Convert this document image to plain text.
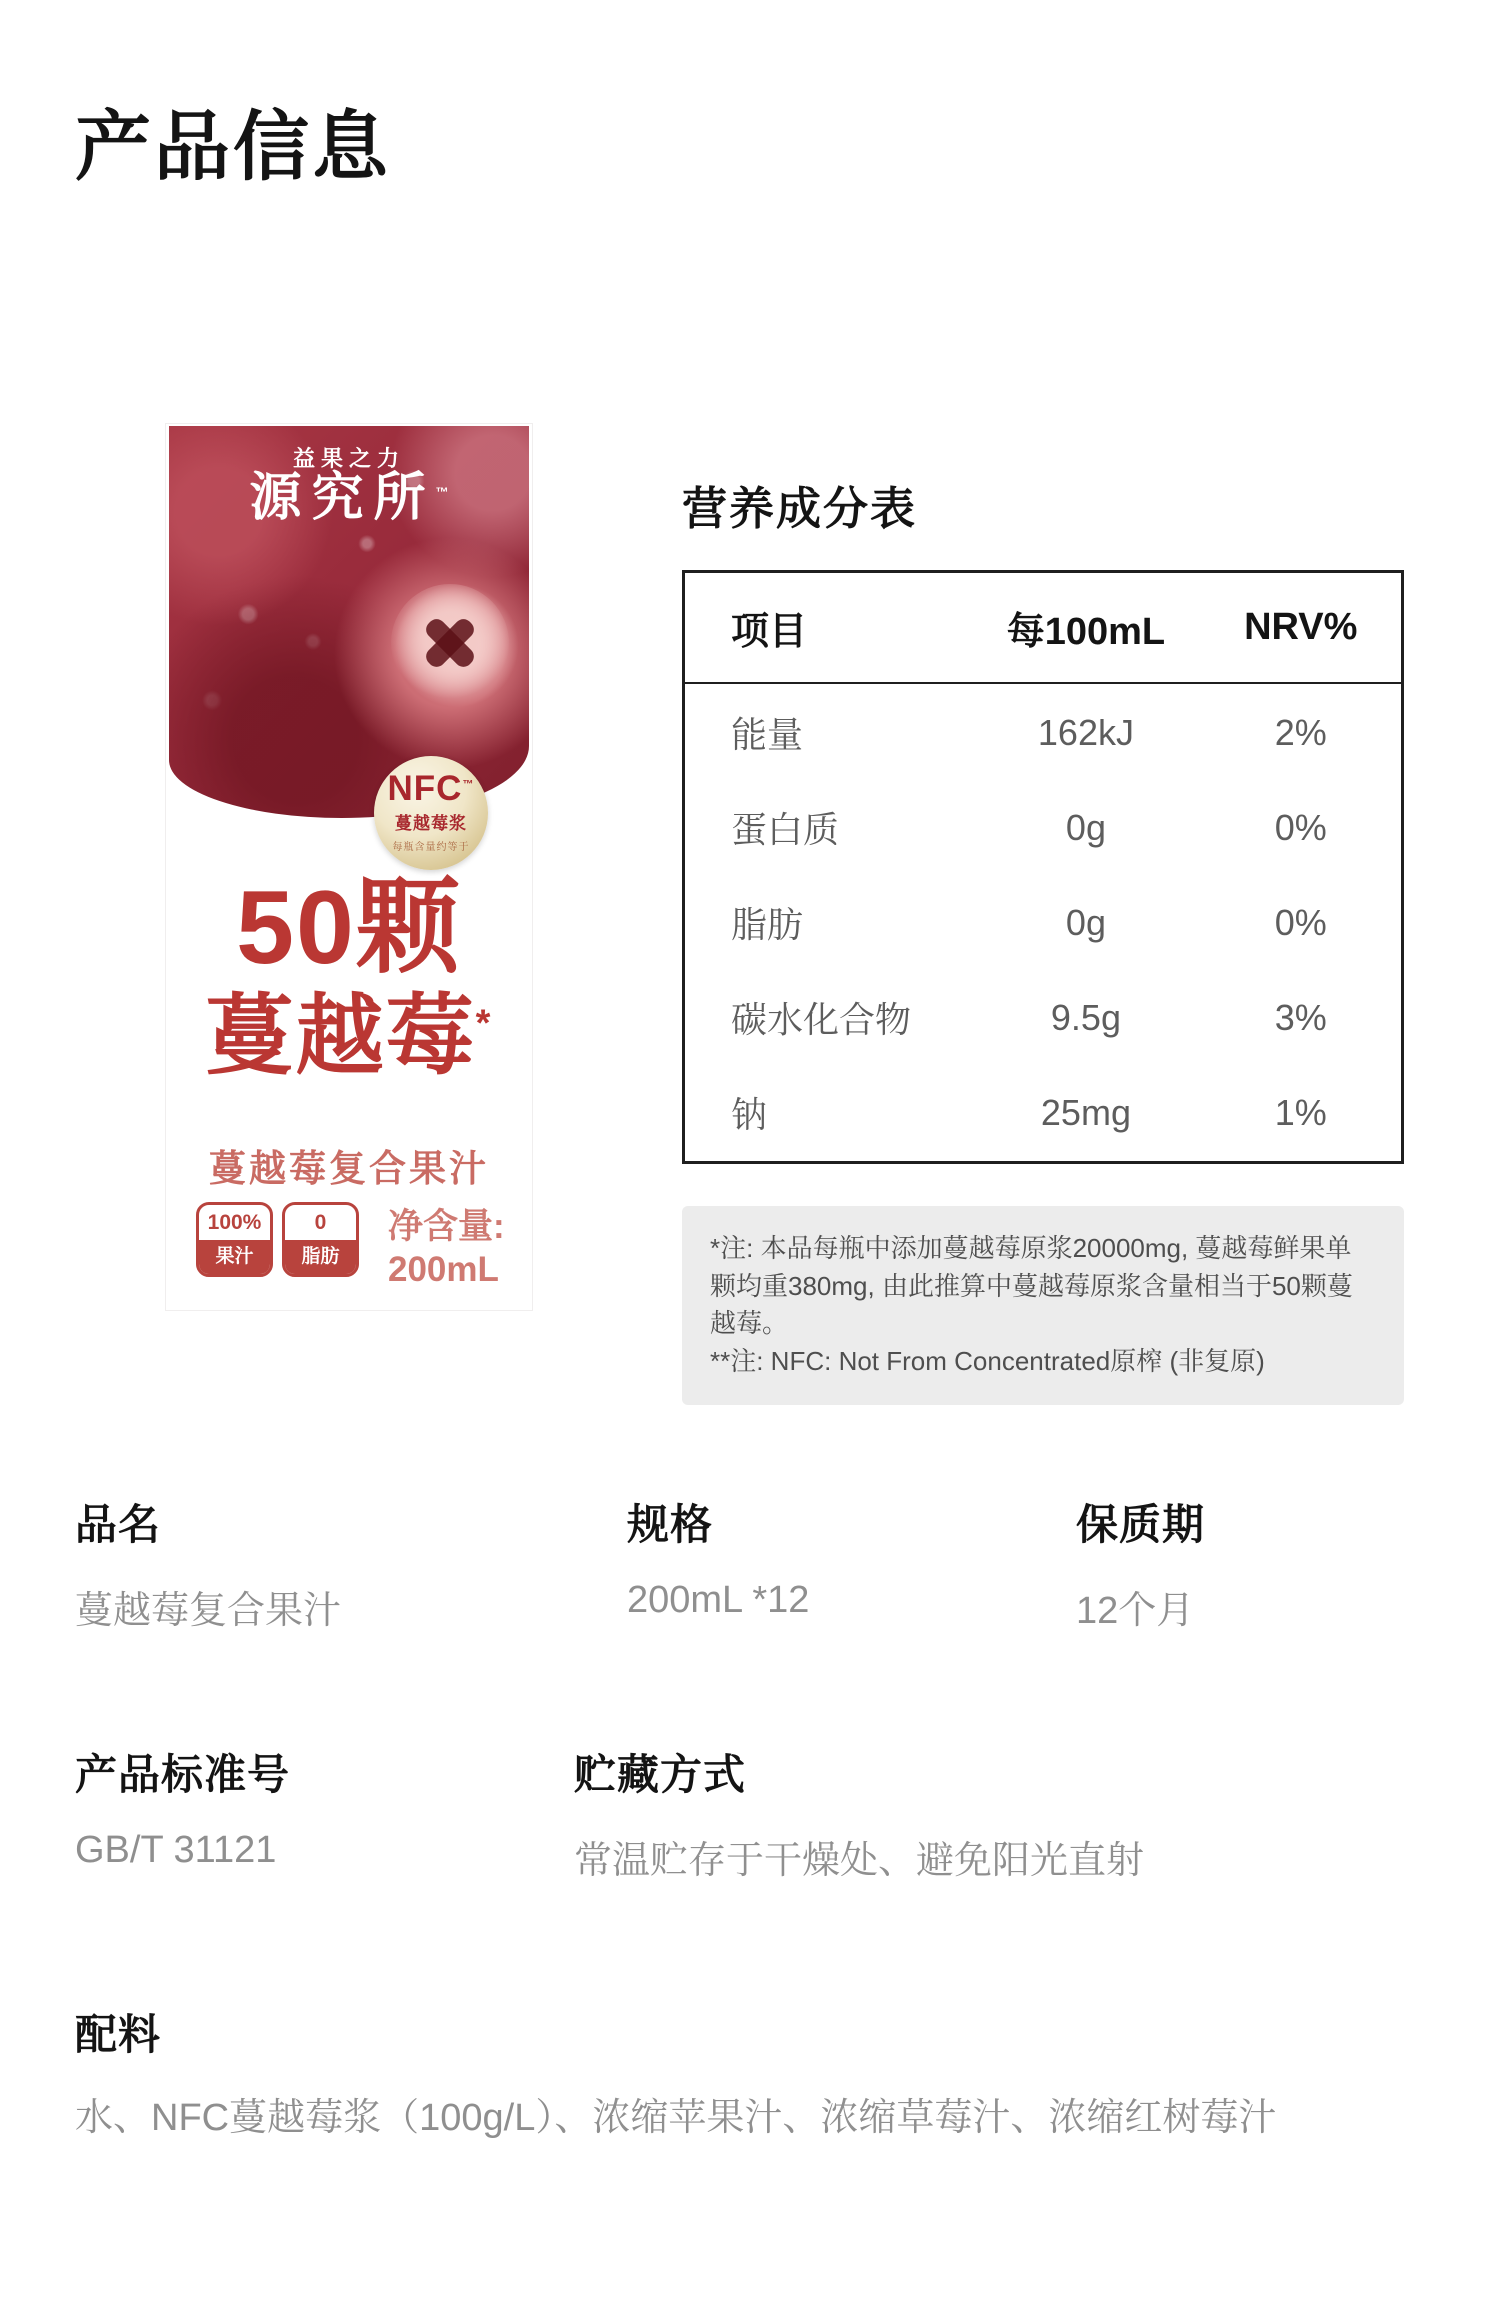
产品信息
益果之力
源究所™
NFC™
蔓越莓浆
每瓶含量约等于
50颗
蔓越莓*
蔓越莓复合果汁
100%
果汁
0
脂肪
净含量:
200mL
营养成分表
项目	每100mL	NRV%
能量	162kJ	2%
蛋白质	0g	0%
脂肪	0g	0%
碳水化合物	9.5g	3%
钠	25mg	1%

*注: 本品每瓶中添加蔓越莓原浆20000mg, 蔓越莓鲜果单颗均重380mg, 由此推算中蔓越莓原浆含量相当于50颗蔓越莓。

**注: NFC: Not From Concentrated原榨 (非复原)

品名
蔓越莓复合果汁
规格
200mL *12
保质期
12个月
产品标准号
GB/T 31121
贮藏方式
常温贮存于干燥处、避免阳光直射
配料
水、NFC蔓越莓浆（100g/L）、浓缩苹果汁、浓缩草莓汁、浓缩红树莓汁
